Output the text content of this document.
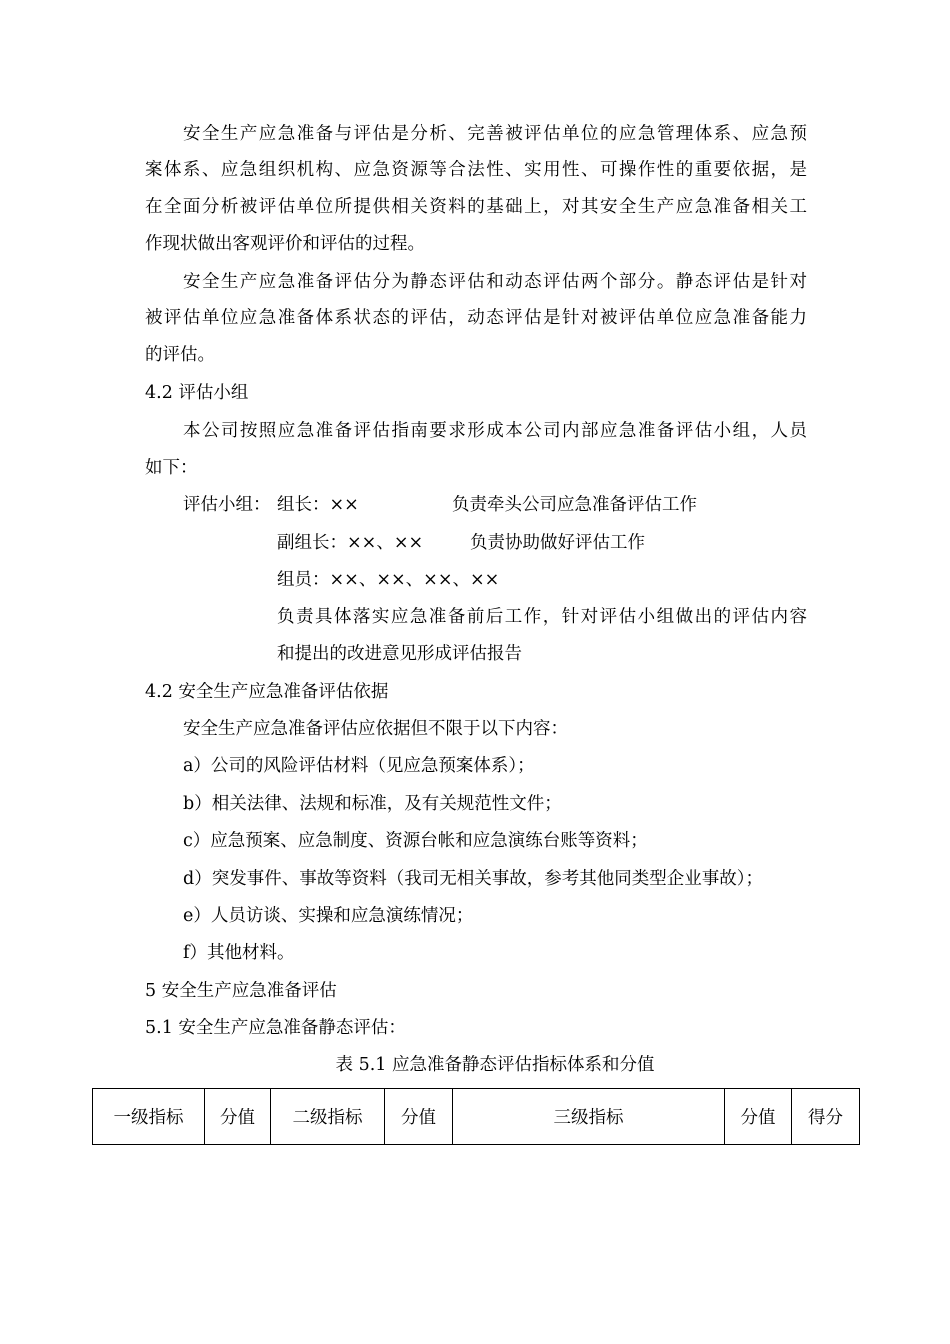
安全生产应急准备与评估是分析、完善被评估单位的应急管理体系、应急预
案体系、应急组织机构、应急资源等合法性、实用性、可操作性的重要依据，是
在全面分析被评估单位所提供相关资料的基础上，对其安全生产应急准备相关工
作现状做出客观评价和评估的过程。
安全生产应急准备评估分为静态评估和动态评估两个部分。静态评估是针对
被评估单位应急准备体系状态的评估，动态评估是针对被评估单位应急准备能力
的评估。
4.2 评估小组
本公司按照应急准备评估指南要求形成本公司内部应急准备评估小组，人员
如下：
评估小组： 组长：××	负责牵头公司应急准备评估工作
副组长：××、××	负责协助做好评估工作
组员：××、××、××、××
负责具体落实应急准备前后工作，针对评估小组做出的评估内容
和提出的改进意见形成评估报告
4.2 安全生产应急准备评估依据
安全生产应急准备评估应依据但不限于以下内容：
a）公司的风险评估材料（见应急预案体系）；
b）相关法律、法规和标准，及有关规范性文件；
c）应急预案、应急制度、资源台帐和应急演练台账等资料；
d）突发事件、事故等资料（我司无相关事故，参考其他同类型企业事故）；
e）人员访谈、实操和应急演练情况；
f）其他材料。
5 安全生产应急准备评估
5.1 安全生产应急准备静态评估：
表 5.1 应急准备静态评估指标体系和分值
一级指标	分值	二级指标	分值	三级指标	分值	得分
